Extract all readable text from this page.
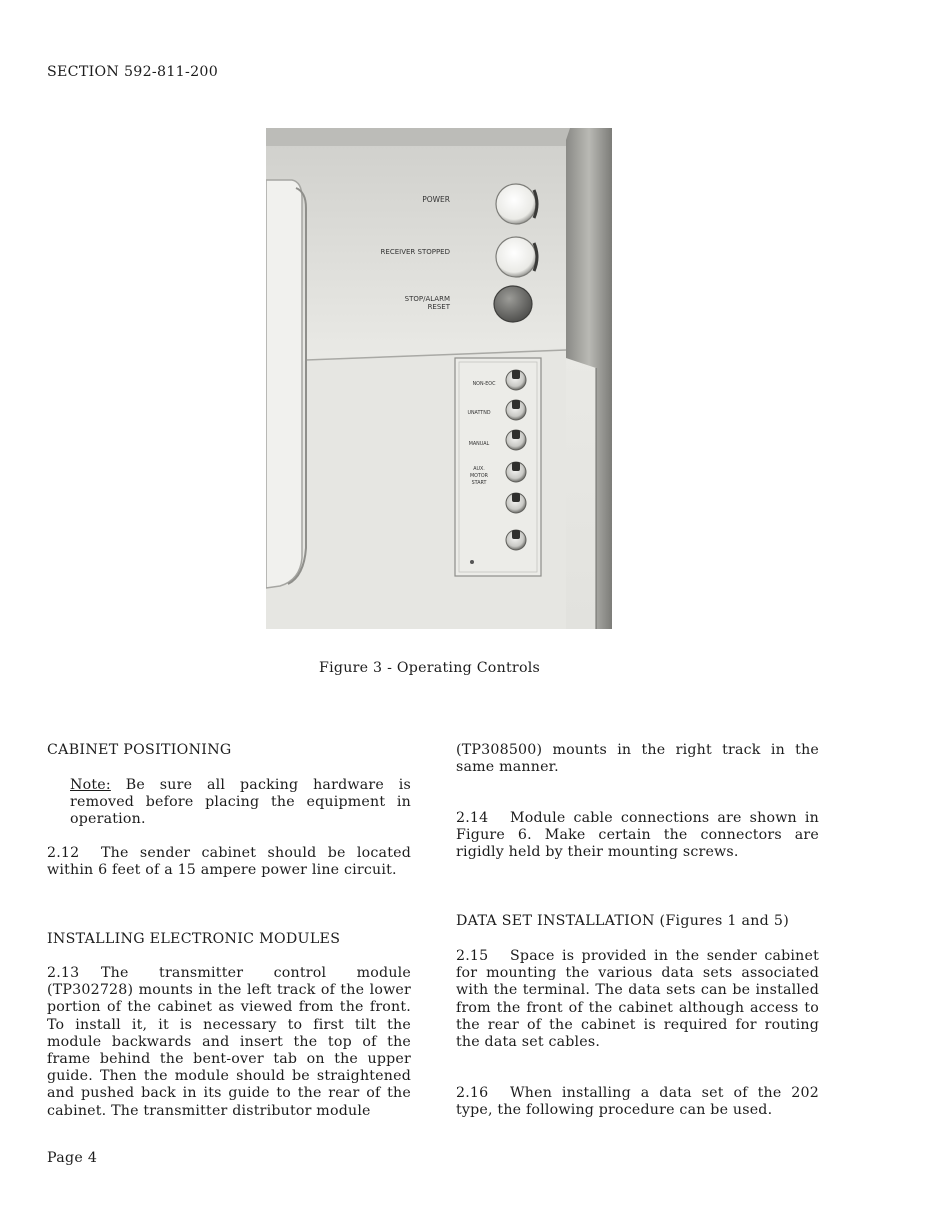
SECTION 592-811-200
POWER
RECEIVER STOPPED
STOP/ALARM
RESET
NON-EOC
UNATTND
MANUAL
AUX.
MOTOR
START
Figure 3 - Operating Controls
CABINET POSITIONING
Note: Be sure all packing hardware is removed before placing the equipment in operation.
2.12 The sender cabinet should be located within 6 feet of a 15 ampere power line circuit.
INSTALLING ELECTRONIC MODULES
2.13 The transmitter control module (TP302728) mounts in the left track of the lower portion of the cabinet as viewed from the front. To install it, it is necessary to first tilt the module backwards and insert the top of the frame behind the bent-over tab on the upper guide. Then the module should be straightened and pushed back in its guide to the rear of the cabinet. The transmitter distributor module
(TP308500) mounts in the right track in the same manner.
2.14 Module cable connections are shown in Figure 6. Make certain the connectors are rigidly held by their mounting screws.
DATA SET INSTALLATION (Figures 1 and 5)
2.15 Space is provided in the sender cabinet for mounting the various data sets associated with the terminal. The data sets can be installed from the front of the cabinet although access to the rear of the cabinet is required for routing the data set cables.
2.16 When installing a data set of the 202 type, the following procedure can be used.
Page 4
